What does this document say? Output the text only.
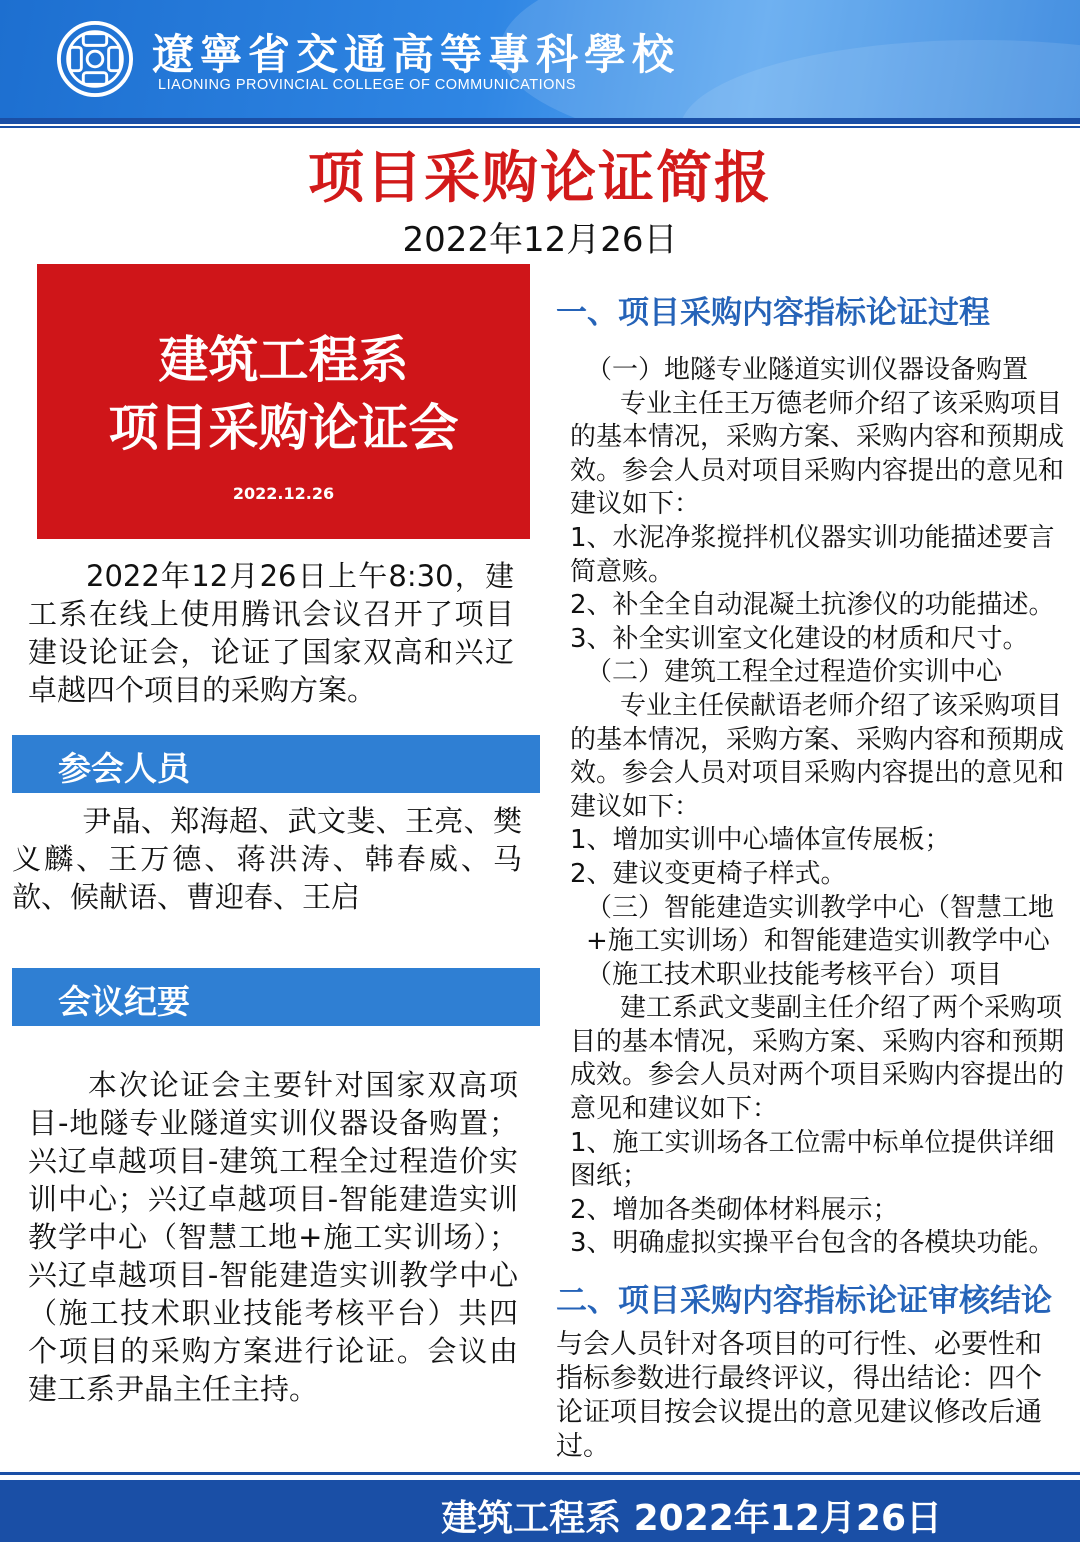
遼寧省交通高等專科學校
LIAONING PROVINCIAL COLLEGE OF COMMUNICATIONS
项目采购论证简报
2022年12月26日
建筑工程系
项目采购论证会
2022.12.26
2022年12月26日上午8:30，建工系在线上使用腾讯会议召开了项目建设论证会，论证了国家双高和兴辽卓越四个项目的采购方案。
参会人员
尹晶、郑海超、武文斐、王亮、樊义麟、王万德、蒋洪涛、韩春威、马歆、候献语、曹迎春、王启
会议纪要
本次论证会主要针对国家双高项目-地隧专业隧道实训仪器设备购置；兴辽卓越项目-建筑工程全过程造价实训中心；兴辽卓越项目-智能建造实训教学中心（智慧工地+施工实训场）；兴辽卓越项目-智能建造实训教学中心（施工技术职业技能考核平台）共四个项目的采购方案进行论证。会议由建工系尹晶主任主持。
一、项目采购内容指标论证过程
（一）地隧专业隧道实训仪器设备购置
专业主任王万德老师介绍了该采购项目的基本情况，采购方案、采购内容和预期成效。参会人员对项目采购内容提出的意见和建议如下：
1、水泥净浆搅拌机仪器实训功能描述要言简意赅。
2、补全全自动混凝土抗渗仪的功能描述。
3、补全实训室文化建设的材质和尺寸。
（二）建筑工程全过程造价实训中心
专业主任侯献语老师介绍了该采购项目的基本情况，采购方案、采购内容和预期成效。参会人员对项目采购内容提出的意见和建议如下：
1、增加实训中心墙体宣传展板；
2、建议变更椅子样式。
（三）智能建造实训教学中心（智慧工地+施工实训场）和智能建造实训教学中心（施工技术职业技能考核平台）项目
建工系武文斐副主任介绍了两个采购项目的基本情况，采购方案、采购内容和预期成效。参会人员对两个项目采购内容提出的意见和建议如下：
1、施工实训场各工位需中标单位提供详细图纸；
2、增加各类砌体材料展示；
3、明确虚拟实操平台包含的各模块功能。
二、项目采购内容指标论证审核结论
与会人员针对各项目的可行性、必要性和指标参数进行最终评议，得出结论：四个论证项目按会议提出的意见建议修改后通过。
建筑工程系 2022年12月26日
